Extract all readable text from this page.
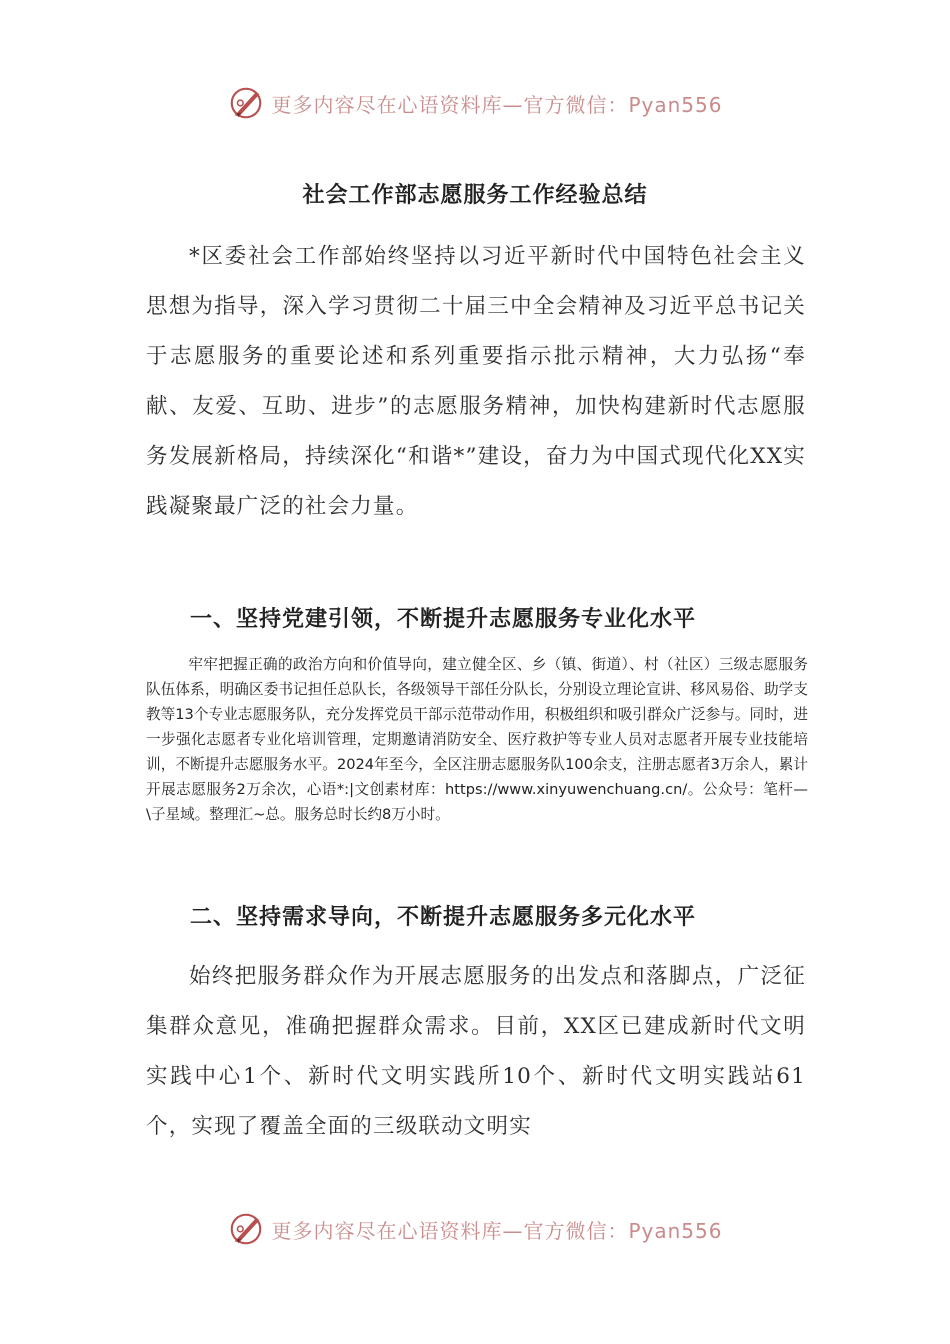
更多内容尽在心语资料库—官方微信：Pyan556
社会工作部志愿服务工作经验总结

*区委社会工作部始终坚持以习近平新时代中国特色社会主义思想为指导，深入学习贯彻二十届三中全会精神及习近平总书记关于志愿服务的重要论述和系列重要指示批示精神，大力弘扬“奉献、友爱、互助、进步”的志愿服务精神，加快构建新时代志愿服务发展新格局，持续深化“和谐*”建设，奋力为中国式现代化XX实践凝聚最广泛的社会力量。

一、坚持党建引领，不断提升志愿服务专业化水平

牢牢把握正确的政治方向和价值导向，建立健全区、乡（镇、街道）、村（社区）三级志愿服务队伍体系，明确区委书记担任总队长，各级领导干部任分队长，分别设立理论宣讲、移风易俗、助学支教等13个专业志愿服务队，充分发挥党员干部示范带动作用，积极组织和吸引群众广泛参与。同时，进一步强化志愿者专业化培训管理，定期邀请消防安全、医疗救护等专业人员对志愿者开展专业技能培训，不断提升志愿服务水平。2024年至今，全区注册志愿服务队100余支，注册志愿者3万余人，累计开展志愿服务2万余次，心语*:|文创素材库：https://www.xinyuwenchuang.cn/。公众号：笔杆—\子星域。整理汇~总。服务总时长约8万小时。

二、坚持需求导向，不断提升志愿服务多元化水平

始终把服务群众作为开展志愿服务的出发点和落脚点，广泛征集群众意见，准确把握群众需求。目前，XX区已建成新时代文明实践中心1个、新时代文明实践所10个、新时代文明实践站61个，实现了覆盖全面的三级联动文明实

更多内容尽在心语资料库—官方微信：Pyan556
